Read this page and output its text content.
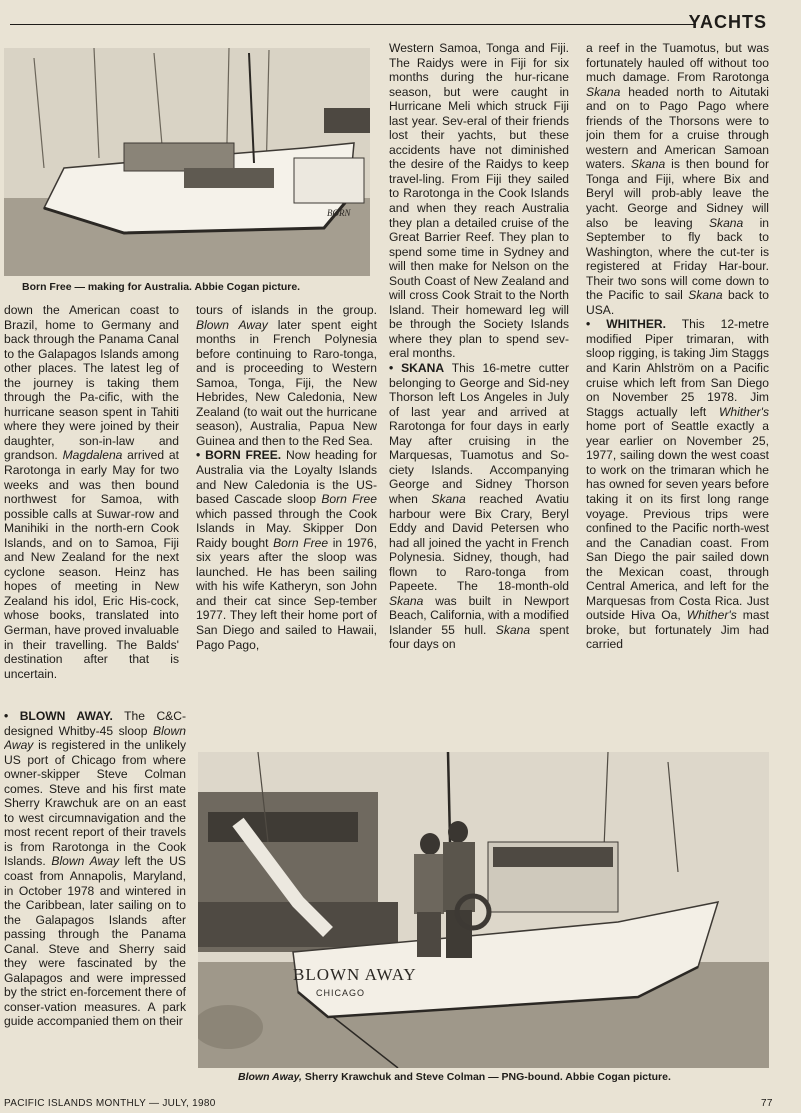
YACHTS
BORN
Born Free — making for Australia. Abbie Cogan picture.

down the American coast to Brazil, home to Germany and back through the Panama Canal to the Galapagos Islands among other places. The latest leg of the journey is taking them through the Pa-cific, with the hurricane season spent in Tahiti where they were joined by their daughter, son-in-law and grandson. Magdalena arrived at Rarotonga in early May for two weeks and was then bound northwest for Samoa, with possible calls at Suwar-row and Manihiki in the north-ern Cook Islands, and on to Samoa, Fiji and New Zealand for the next cyclone season. Heinz has hopes of meeting in New Zealand his idol, Eric His-cock, whose books, translated into German, have proved invaluable in their travelling. The Balds' destination after that is uncertain.

• BLOWN AWAY. The C&C-designed Whitby-45 sloop Blown Away is registered in the unlikely US port of Chicago from where owner-skipper Steve Colman comes. Steve and his first mate Sherry Krawchuk are on an east to west circumnavigation and the most recent report of their travels is from Rarotonga in the Cook Islands. Blown Away left the US coast from Annapolis, Maryland, in October 1978 and wintered in the Caribbean, later sailing on to the Galapagos Islands after passing through the Panama Canal. Steve and Sherry said they were fascinated by the Galapagos and were impressed by the strict en-forcement there of conser-vation measures. A park guide accompanied them on their

tours of islands in the group. Blown Away later spent eight months in French Polynesia before continuing to Raro-tonga, and is proceeding to Western Samoa, Tonga, Fiji, the New Hebrides, New Caledonia, New Zealand (to wait out the hurricane season), Australia, Papua New Guinea and then to the Red Sea.

• BORN FREE. Now heading for Australia via the Loyalty Islands and New Caledonia is the US-based Cascade sloop Born Free which passed through the Cook Islands in May. Skipper Don Raidy bought Born Free in 1976, six years after the sloop was launched. He has been sailing with his wife Katheryn, son John and their cat since Sep-tember 1977. They left their home port of San Diego and sailed to Hawaii, Pago Pago,

Western Samoa, Tonga and Fiji. The Raidys were in Fiji for six months during the hur-ricane season, but were caught in Hurricane Meli which struck Fiji last year. Sev-eral of their friends lost their yachts, but these accidents have not diminished the desire of the Raidys to keep travel-ling. From Fiji they sailed to Rarotonga in the Cook Islands and when they reach Australia they plan a detailed cruise of the Great Barrier Reef. They plan to spend some time in Sydney and will then make for Nelson on the South Coast of New Zealand and will cross Cook Strait to the North Island. Their homeward leg will be through the Society Islands where they plan to spend sev-eral months.

• SKANA This 16-metre cutter belonging to George and Sid-ney Thorson left Los Angeles in July of last year and arrived at Rarotonga for four days in early May after cruising in the Marquesas, Tuamotus and So-ciety Islands. Accompanying George and Sidney Thorson when Skana reached Avatiu harbour were Bix Crary, Beryl Eddy and David Petersen who had all joined the yacht in French Polynesia. Sidney, though, had flown to Raro-tonga from Papeete. The 18-month-old Skana was built in Newport Beach, California, with a modified Islander 55 hull. Skana spent four days on

a reef in the Tuamotus, but was fortunately hauled off without too much damage. From Rarotonga Skana headed north to Aitutaki and on to Pago Pago where friends of the Thorsons were to join them for a cruise through western and American Samoan waters. Skana is then bound for Tonga and Fiji, where Bix and Beryl will prob-ably leave the yacht. George and Sidney will also be leaving Skana in September to fly back to Washington, where the cut-ter is registered at Friday Har-bour. Their two sons will come down to the Pacific to sail Skana back to USA.

• WHITHER. This 12-metre modified Piper trimaran, with sloop rigging, is taking Jim Staggs and Karin Ahlström on a Pacific cruise which left from San Diego on November 25 1978. Jim Staggs actually left Whither's home port of Seattle exactly a year earlier on November 25, 1977, sailing down the west coast to work on the trimaran which he has owned for seven years before taking it on its first long range voyage. Previous trips were confined to the Pacific north-west and the Canadian coast. From San Diego the pair sailed down the Mexican coast, through Central America, and left for the Marquesas from Costa Rica. Just outside Hiva Oa, Whither's mast broke, but fortunately Jim had carried

BLOWN AWAY
CHICAGO
Blown Away, Sherry Krawchuk and Steve Colman — PNG-bound. Abbie Cogan picture.
PACIFIC ISLANDS MONTHLY — JULY, 1980	77
